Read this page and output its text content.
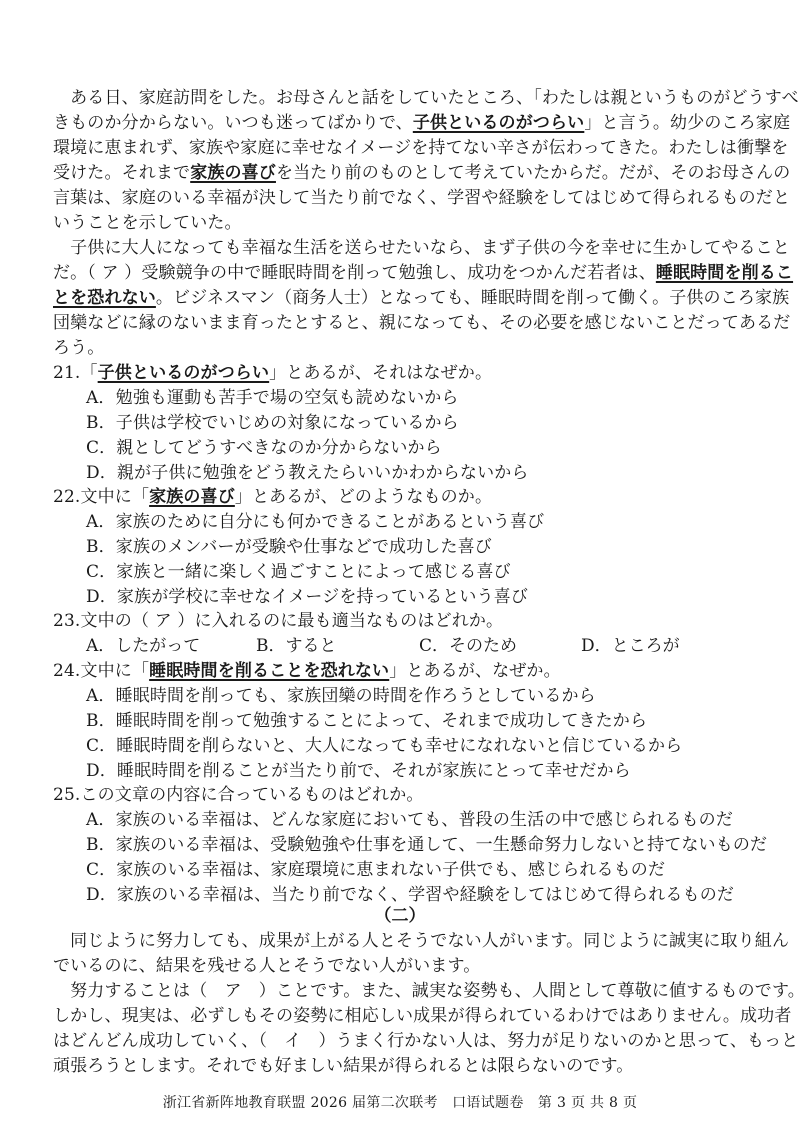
　ある日、家庭訪問をした。お母さんと話をしていたところ、「わたしは親というものがどうすべ
きものか分からない。いつも迷ってばかりで、子供といるのがつらい」と言う。幼少のころ家庭
環境に恵まれず、家族や家庭に幸せなイメージを持てない辛さが伝わってきた。わたしは衝撃を
受けた。それまで家族の喜びを当たり前のものとして考えていたからだ。だが、そのお母さんの
言葉は、家庭のいる幸福が決して当たり前でなく、学習や経験をしてはじめて得られるものだと
いうことを示していた。
　子供に大人になっても幸福な生活を送らせたいなら、まず子供の今を幸せに生かしてやること
だ。（ ア ）受験競争の中で睡眠時間を削って勉強し、成功をつかんだ若者は、睡眠時間を削るこ
とを恐れない。ビジネスマン（商务人士）となっても、睡眠時間を削って働く。子供のころ家族
団欒などに縁のないまま育ったとすると、親になっても、その必要を感じないことだってあるだ
ろう。
21.「子供といるのがつらい」とあるが、それはなぜか。
A．勉強も運動も苦手で場の空気も読めないから
B．子供は学校でいじめの対象になっているから
C．親としてどうすべきなのか分からないから
D．親が子供に勉強をどう教えたらいいかわからないから
22.文中に「家族の喜び」とあるが、どのようなものか。
A．家族のために自分にも何かできることがあるという喜び
B．家族のメンバーが受験や仕事などで成功した喜び
C．家族と一緒に楽しく過ごすことによって感じる喜び
D．家族が学校に幸せなイメージを持っているという喜び
23.文中の（ ア ）に入れるのに最も適当なものはどれか。
A．したがって	B．すると	C．そのため	D．ところが
24.文中に「睡眠時間を削ることを恐れない」とあるが、なぜか。
A．睡眠時間を削っても、家族団欒の時間を作ろうとしているから
B．睡眠時間を削って勉強することによって、それまで成功してきたから
C．睡眠時間を削らないと、大人になっても幸せになれないと信じているから
D．睡眠時間を削ることが当たり前で、それが家族にとって幸せだから
25.この文章の内容に合っているものはどれか。
A．家族のいる幸福は、どんな家庭においても、普段の生活の中で感じられるものだ
B．家族のいる幸福は、受験勉強や仕事を通して、一生懸命努力しないと持てないものだ
C．家族のいる幸福は、家庭環境に恵まれない子供でも、感じられるものだ
D．家族のいる幸福は、当たり前でなく、学習や経験をしてはじめて得られるものだ
（二）
　同じように努力しても、成果が上がる人とそうでない人がいます。同じように誠実に取り組ん
でいるのに、結果を残せる人とそうでない人がいます。
　努力することは（　ア　）ことです。また、誠実な姿勢も、人間として尊敬に値するものです。
しかし、現実は、必ずしもその姿勢に相応しい成果が得られているわけではありません。成功者
はどんどん成功していく、（　イ　）うまく行かない人は、努力が足りないのかと思って、もっと
頑張ろうとします。それでも好ましい結果が得られるとは限らないのです。
浙江省新阵地教育联盟 2026 届第二次联考　口语试题卷　第 3 页 共 8 页
